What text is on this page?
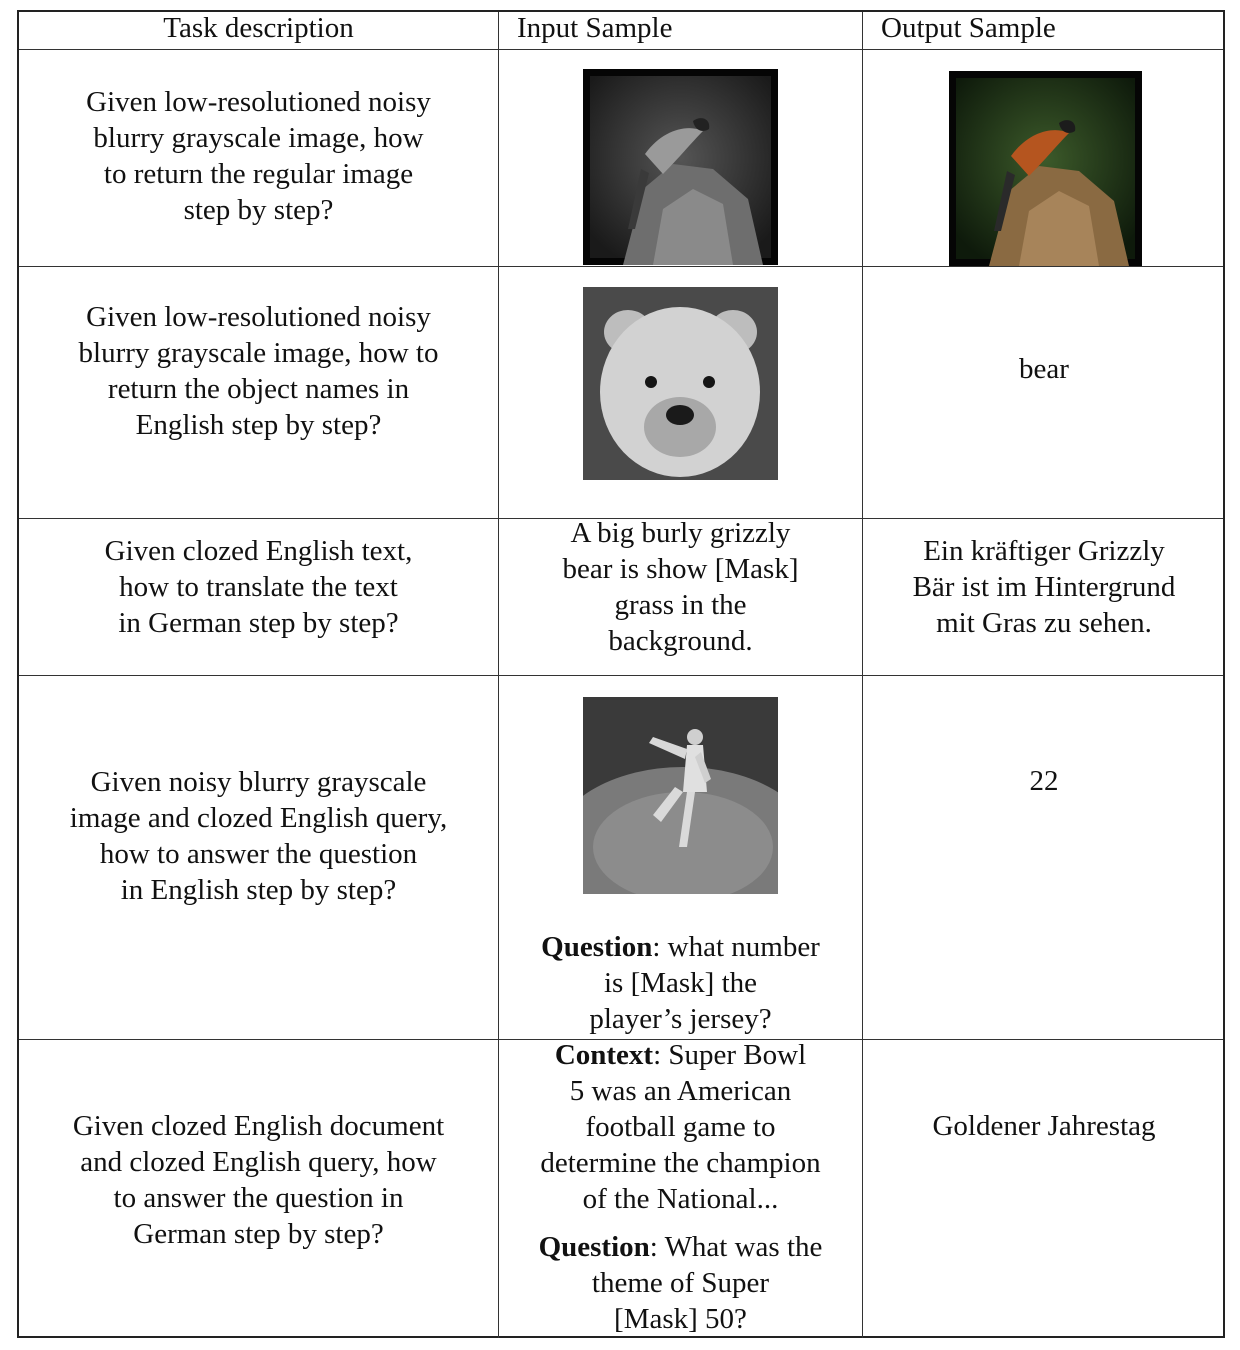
Task description	Input Sample	Output Sample
Given low-resolutioned noisy
blurry grayscale image, how
to return the regular image
step by step?
Given low-resolutioned noisy
blurry grayscale image, how to
return the object names in
English step by step?
bear
Given clozed English text,
how to translate the text
in German step by step?
A big burly grizzly
bear is show [Mask]
grass in the
background.
Ein kräftiger Grizzly
Bär ist im Hintergrund
mit Gras zu sehen.
Given noisy blurry grayscale
image and clozed English query,
how to answer the question
in English step by step?
Question: what number
is [Mask] the
player’s jersey?
22
Given clozed English document
and clozed English query, how
to answer the question in
German step by step?
Context: Super Bowl
5 was an American
football game to
determine the champion
of the National...
Question: What was the
theme of Super
[Mask] 50?
Goldener Jahrestag
